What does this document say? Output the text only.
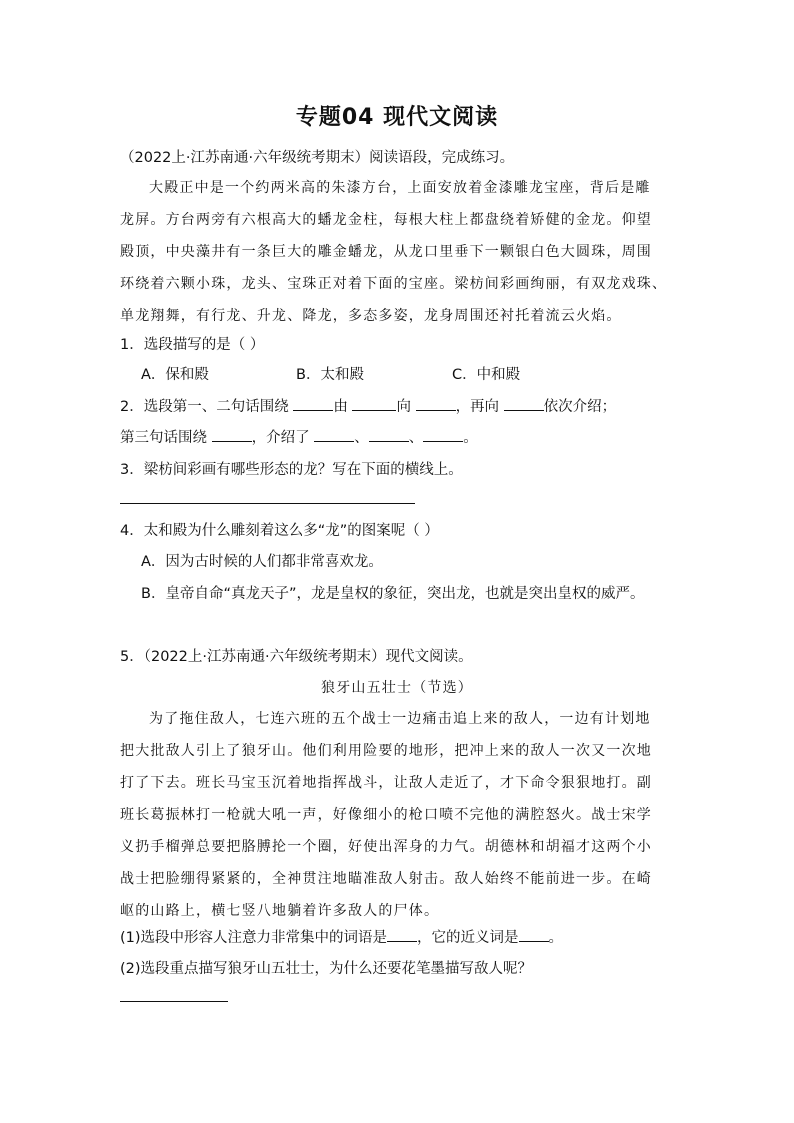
专题04 现代文阅读
（2022上·江苏南通·六年级统考期末）阅读语段，完成练习。
大殿正中是一个约两米高的朱漆方台，上面安放着金漆雕龙宝座，背后是雕
龙屏。方台两旁有六根高大的蟠龙金柱，每根大柱上都盘绕着矫健的金龙。仰望
殿顶，中央藻井有一条巨大的雕金蟠龙，从龙口里垂下一颗银白色大圆珠，周围
环绕着六颗小珠，龙头、宝珠正对着下面的宝座。梁枋间彩画绚丽，有双龙戏珠、
单龙翔舞，有行龙、升龙、降龙，多态多姿，龙身周围还衬托着流云火焰。
1．选段描写的是（ ）
A．保和殿	B．太和殿	C．中和殿
2．选段第一、二句话围绕	由	向	，再向	依次介绍；
第三句话围绕	，介绍了	、	、	。
3．梁枋间彩画有哪些形态的龙？写在下面的横线上。
4．太和殿为什么雕刻着这么多“龙”的图案呢（ ）
A．因为古时候的人们都非常喜欢龙。
B．皇帝自命“真龙天子”，龙是皇权的象征，突出龙，也就是突出皇权的威严。
5．（2022上·江苏南通·六年级统考期末）现代文阅读。
狼牙山五壮士（节选）
为了拖住敌人，七连六班的五个战士一边痛击追上来的敌人，一边有计划地
把大批敌人引上了狼牙山。他们利用险要的地形，把冲上来的敌人一次又一次地
打了下去。班长马宝玉沉着地指挥战斗，让敌人走近了，才下命令狠狠地打。副
班长葛振林打一枪就大吼一声，好像细小的枪口喷不完他的满腔怒火。战士宋学
义扔手榴弹总要把胳膊抡一个圈，好使出浑身的力气。胡德林和胡福才这两个小
战士把脸绷得紧紧的，全神贯注地瞄准敌人射击。敌人始终不能前进一步。在崎
岖的山路上，横七竖八地躺着许多敌人的尸体。
(1)选段中形容人注意力非常集中的词语是 ，它的近义词是 。
(2)选段重点描写狼牙山五壮士，为什么还要花笔墨描写敌人呢？
